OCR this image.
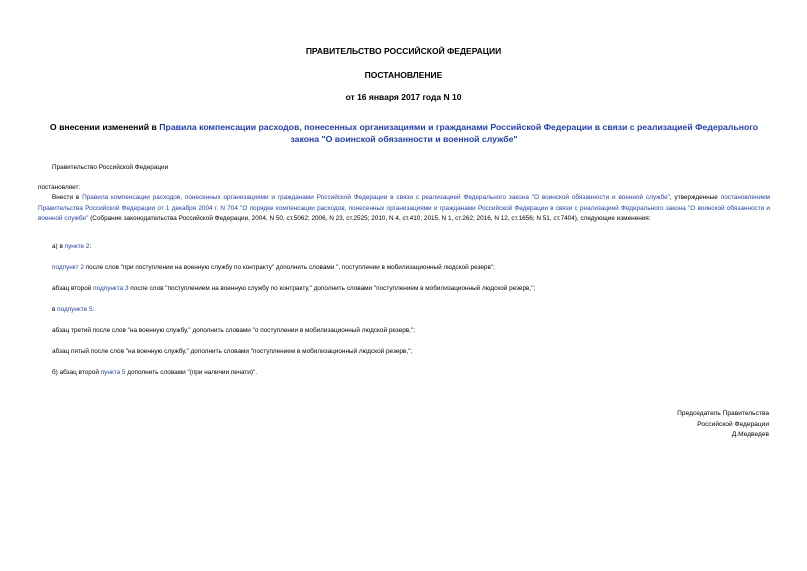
ПРАВИТЕЛЬСТВО РОССИЙСКОЙ ФЕДЕРАЦИИ
ПОСТАНОВЛЕНИЕ
от 16 января 2017 года N 10
О внесении изменений в Правила компенсации расходов, понесенных организациями и гражданами Российской Федерации в связи с реализацией Федерального закона "О воинской обязанности и военной службе"
Правительство Российской Федерации
постановляет:
Внести в Правила компенсации расходов, понесенных организациями и гражданами Российской Федерации в связи с реализацией Федерального закона "О воинской обязанности и военной службе", утвержденные постановлением Правительства Российской Федерации от 1 декабря 2004 г. N 704 "О порядке компенсации расходов, понесенных организациями и гражданами Российской Федерации в связи с реализацией Федерального закона "О воинской обязанности и военной службе" (Собрание законодательства Российской Федерации, 2004, N 50, ст.5062; 2006, N 23, ст.2525; 2010, N 4, ст.410; 2015, N 1, ст.262; 2016, N 12, ст.1656; N 51, ст.7404), следующие изменения:
а) в пункте 2:
подпункт 2 после слов "при поступлении на военную службу по контракту" дополнить словами ", поступлении в мобилизационный людской резерв";
абзац второй подпункта 3 после слов "поступлением на военную службу по контракту," дополнить словами "поступлением в мобилизационный людской резерв,";
в подпункте 5:
абзац третий после слов "на военную службу," дополнить словами "о поступлении в мобилизационный людской резерв,";
абзац пятый после слов "на военную службу," дополнить словами "поступлением в мобилизационный людской резерв,";
б) абзац второй пункта 5 дополнить словами "(при наличии печати)".
Председатель Правительства
Российской Федерации
Д.Медведев
